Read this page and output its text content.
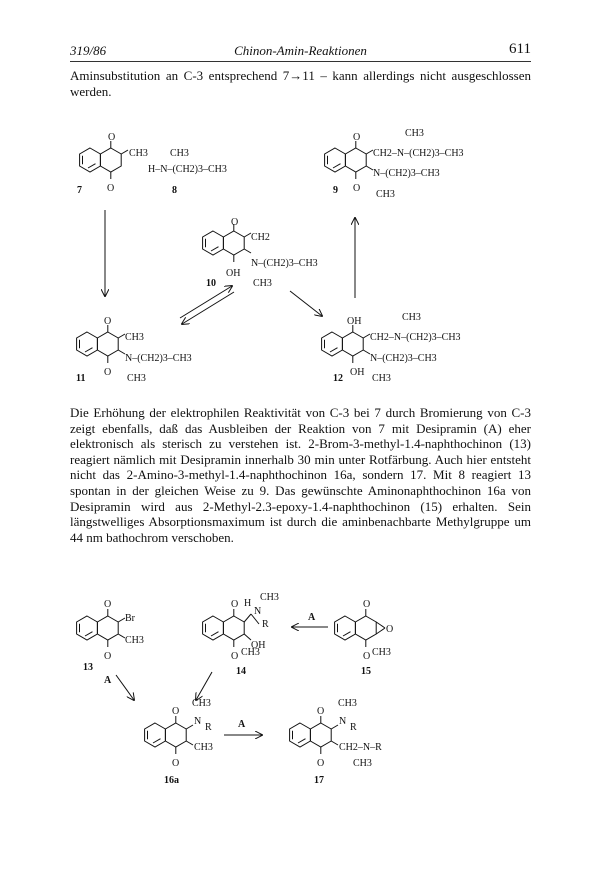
319/86	Chinon-Amin-Reaktionen	611
Aminsubstitution an C-3 entsprechend 7→11 – kann allerdings nicht ausgeschlossen werden.
O
O
CH3
7
CH3
H–N–(CH2)3–CH3
8
O
O
CH3
CH2–N–(CH2)3–CH3
N–(CH2)3–CH3
CH3
9
O
CH2
N–(CH2)3–CH3
CH3
OH
10
O
CH3
N–(CH2)3–CH3
O
CH3
11
OH	CH3
CH2–N–(CH2)3–CH3
N–(CH2)3–CH3
OH
CH3
12
Die Erhöhung der elektrophilen Reaktivität von C-3 bei 7 durch Bromierung von C-3 zeigt ebenfalls, daß das Ausbleiben der Reaktion von 7 mit Desipramin (A) eher elektronisch als sterisch zu verstehen ist. 2-Brom-3-methyl-1.4-naphthochinon (13) reagiert nämlich mit Desipramin innerhalb 30 min unter Rotfärbung. Auch hier entsteht nicht das 2-Amino-3-methyl-1.4-naphthochinon 16a, sondern 17. Mit 8 reagiert 13 spontan in der gleichen Weise zu 9. Das gewünschte Aminonaphthochinon 16a von Desipramin wird aus 2-Methyl-2.3-epoxy-1.4-naphthochinon (15) erhalten. Sein längstwelliges Absorptionsmaximum ist durch die aminbenachbarte Methylgruppe um 44 nm bathochrom verschoben.
O
Br
CH3
O
13
A
O H
CH3
N
R
OH
O CH3
14
A
O
O
O CH3
15
O
CH3
N
R
CH3
O
16a
A
O
CH3
N
R
CH2–N–R
CH3
O
17
